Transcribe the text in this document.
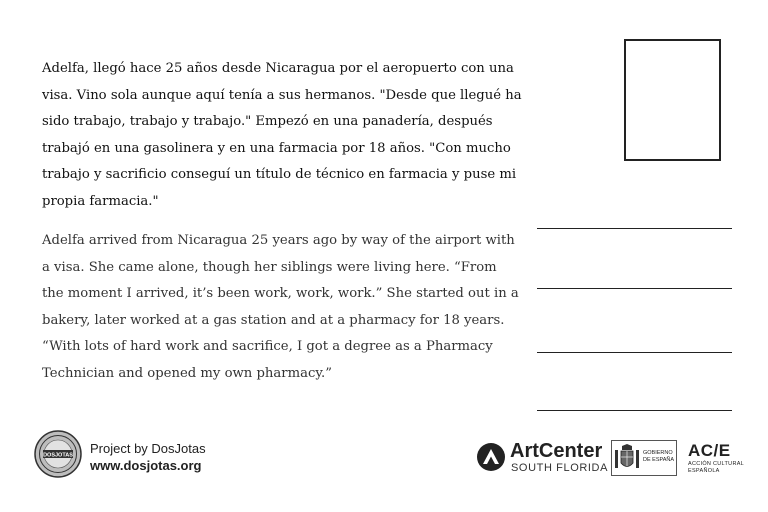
Adelfa, llegó hace 25 años desde Nicaragua por el aeropuerto con una visa. Vino sola aunque aquí tenía a sus hermanos. "Desde que llegué ha sido trabajo, trabajo y trabajo." Empezó en una panadería, después trabajó en una gasolinera y en una farmacia por 18 años. "Con mucho trabajo y sacrificio conseguí un título de técnico en farmacia y puse mi propia farmacia."
Adelfa arrived from Nicaragua 25 years ago by way of the airport with a visa. She came alone, though her siblings were living here. “From the moment I arrived, it’s been work, work, work.” She started out in a bakery, later worked at a gas station and at a pharmacy for 18 years. “With lots of hard work and sacrifice, I got a degree as a Pharmacy Technician and opened my own pharmacy.”
DOSJOTAS Project by DosJotas
www.dosjotas.org
ArtCenter
SOUTH FLORIDA
GOBIERNO
DE ESPAÑA AC/E
ACCIÓN CULTURAL
ESPAÑOLA
